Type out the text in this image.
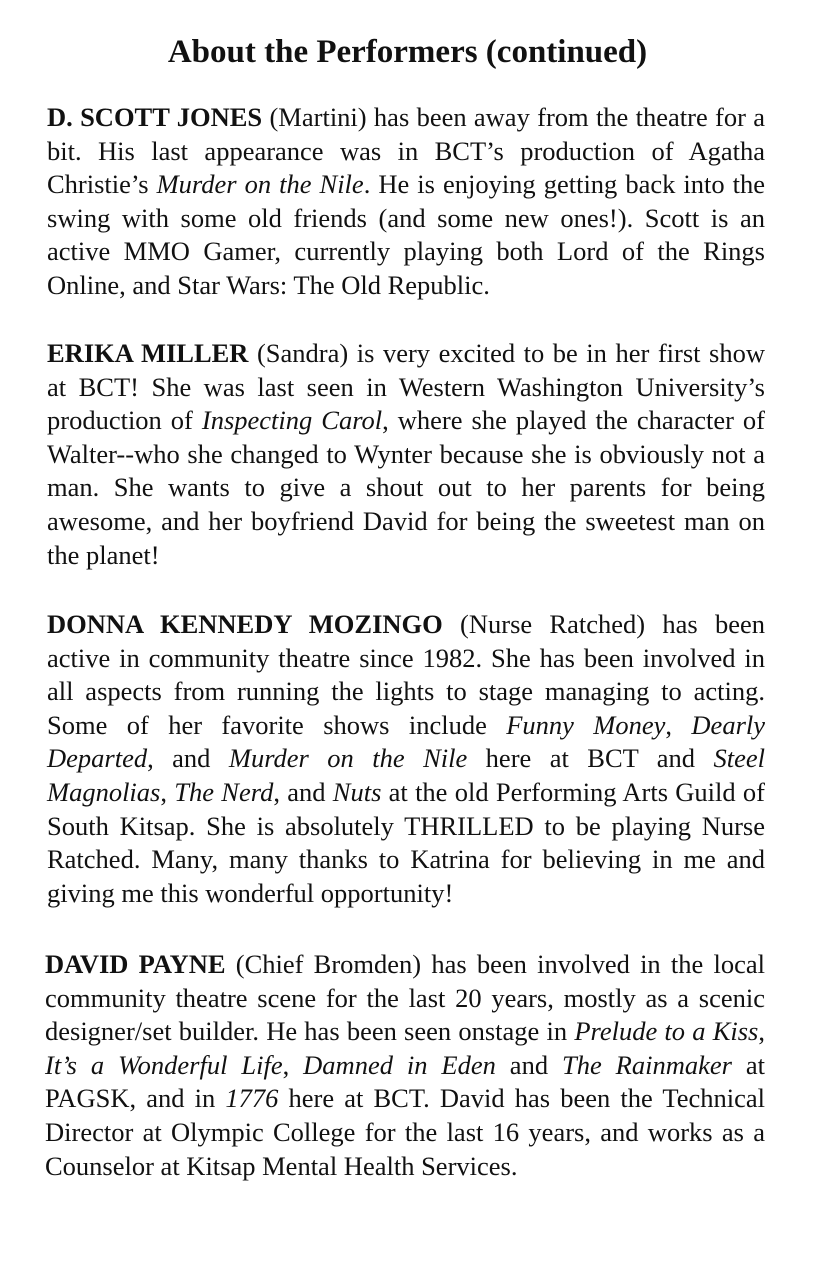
About the Performers (continued)

D. SCOTT JONES (Martini) has been away from the theatre for a bit. His last appearance was in BCT’s production of Agatha Christie’s Murder on the Nile. He is enjoying getting back into the swing with some old friends (and some new ones!). Scott is an active MMO Gamer, currently playing both Lord of the Rings Online, and Star Wars: The Old Republic.

ERIKA MILLER (Sandra) is very excited to be in her first show at BCT! She was last seen in Western Washington University’s production of Inspecting Carol, where she played the character of Walter--who she changed to Wynter because she is obviously not a man. She wants to give a shout out to her parents for being awesome, and her boyfriend David for being the sweetest man on the planet!

DONNA KENNEDY MOZINGO (Nurse Ratched) has been active in community theatre since 1982. She has been involved in all aspects from running the lights to stage managing to acting. Some of her favorite shows include Funny Money, Dearly Departed, and Murder on the Nile here at BCT and Steel Magnolias, The Nerd, and Nuts at the old Performing Arts Guild of South Kitsap. She is absolutely THRILLED to be playing Nurse Ratched. Many, many thanks to Katrina for believing in me and giving me this wonderful opportunity!

DAVID PAYNE (Chief Bromden) has been involved in the local community theatre scene for the last 20 years, mostly as a scenic designer/set builder. He has been seen onstage in Prelude to a Kiss, It’s a Wonderful Life, Damned in Eden and The Rainmaker at PAGSK, and in 1776 here at BCT. David has been the Technical Director at Olympic College for the last 16 years, and works as a Counselor at Kitsap Mental Health Services.
